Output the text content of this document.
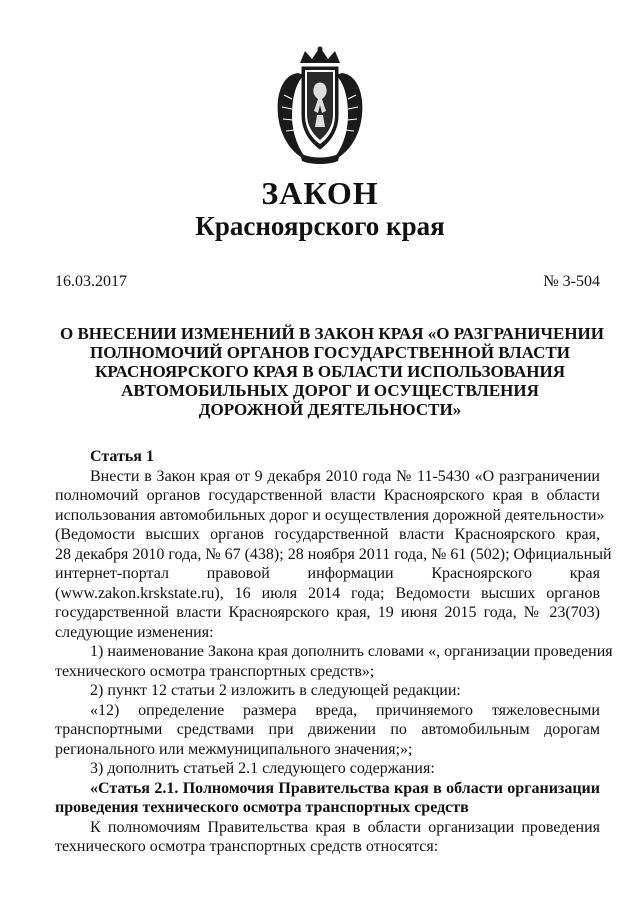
ЗАКОН
Красноярского края
16.03.2017	№ 3-504
О ВНЕСЕНИИ ИЗМЕНЕНИЙ В ЗАКОН КРАЯ «О РАЗГРАНИЧЕНИИ
ПОЛНОМОЧИЙ ОРГАНОВ ГОСУДАРСТВЕННОЙ ВЛАСТИ
КРАСНОЯРСКОГО КРАЯ В ОБЛАСТИ ИСПОЛЬЗОВАНИЯ
АВТОМОБИЛЬНЫХ ДОРОГ И ОСУЩЕСТВЛЕНИЯ
ДОРОЖНОЙ ДЕЯТЕЛЬНОСТИ»
Статья 1
Внести в Закон края от 9 декабря 2010 года № 11-5430 «О разграничении
полномочий органов государственной власти Красноярского края в области
использования автомобильных дорог и осуществления дорожной деятельности»
(Ведомости высших органов государственной власти Красноярского края,
28 декабря 2010 года, № 67 (438); 28 ноября 2011 года, № 61 (502); Официальный
интернет-портал правовой информации Красноярского края
(www.zakon.krskstate.ru), 16 июля 2014 года; Ведомости высших органов
государственной власти Красноярского края, 19 июня 2015 года, № 23(703)
следующие изменения:
1) наименование Закона края дополнить словами «, организации проведения
технического осмотра транспортных средств»;
2) пункт 12 статьи 2 изложить в следующей редакции:
«12) определение размера вреда, причиняемого тяжеловесными
транспортными средствами при движении по автомобильным дорогам
регионального или межмуниципального значения;»;
3) дополнить статьей 2.1 следующего содержания:
«Статья 2.1. Полномочия Правительства края в области организации
проведения технического осмотра транспортных средств
К полномочиям Правительства края в области организации проведения
технического осмотра транспортных средств относятся:
